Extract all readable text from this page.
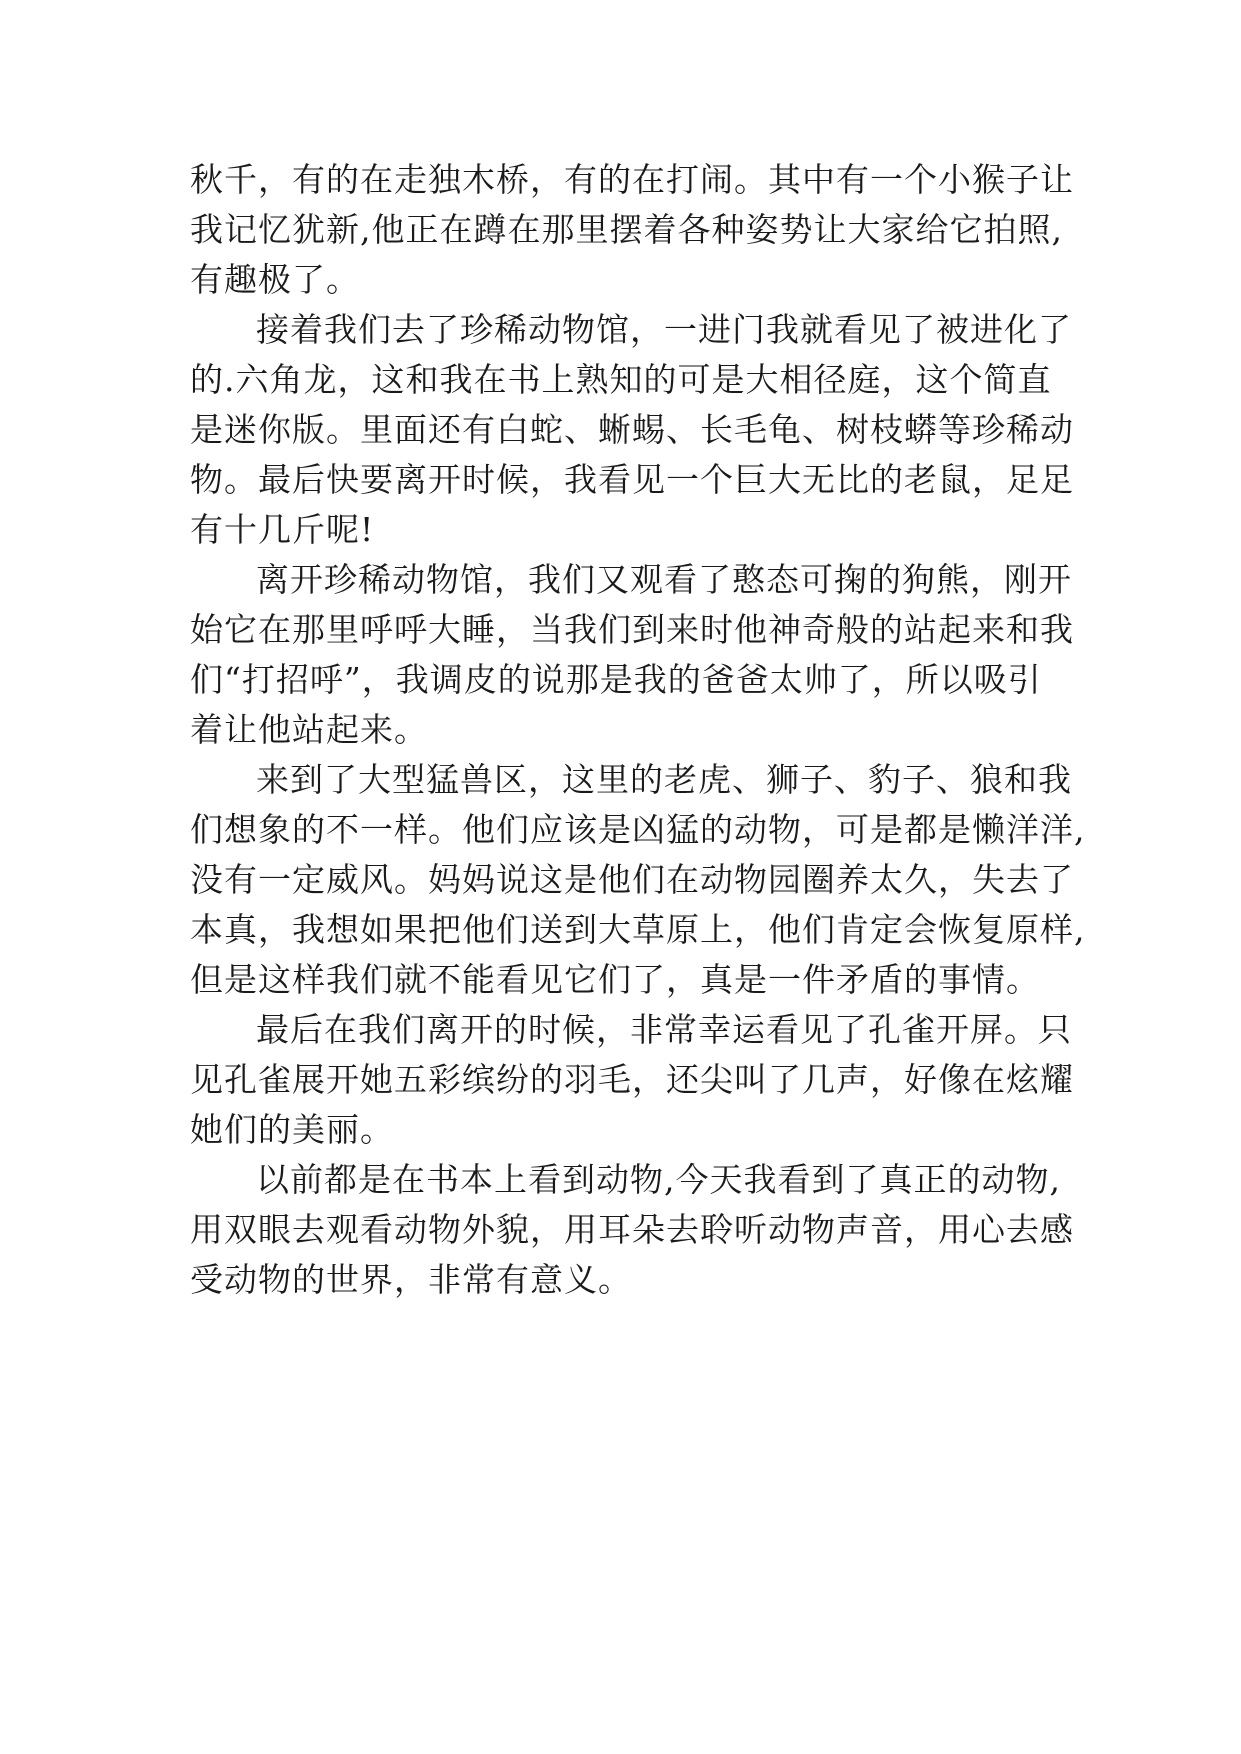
秋千，有的在走独木桥，有的在打闹。其中有一个小猴子让
我记忆犹新,他正在蹲在那里摆着各种姿势让大家给它拍照,
有趣极了。
接着我们去了珍稀动物馆，一进门我就看见了被进化了
的.六角龙，这和我在书上熟知的可是大相径庭，这个简直
是迷你版。里面还有白蛇、蜥蜴、长毛龟、树枝蟒等珍稀动
物。最后快要离开时候，我看见一个巨大无比的老鼠，足足
有十几斤呢!
离开珍稀动物馆，我们又观看了憨态可掬的狗熊，刚开
始它在那里呼呼大睡，当我们到来时他神奇般的站起来和我
们“打招呼”，我调皮的说那是我的爸爸太帅了，所以吸引
着让他站起来。
来到了大型猛兽区，这里的老虎、狮子、豹子、狼和我
们想象的不一样。他们应该是凶猛的动物，可是都是懒洋洋,
没有一定威风。妈妈说这是他们在动物园圈养太久，失去了
本真，我想如果把他们送到大草原上，他们肯定会恢复原样,
但是这样我们就不能看见它们了，真是一件矛盾的事情。
最后在我们离开的时候，非常幸运看见了孔雀开屏。只
见孔雀展开她五彩缤纷的羽毛，还尖叫了几声，好像在炫耀
她们的美丽。
以前都是在书本上看到动物,今天我看到了真正的动物,
用双眼去观看动物外貌，用耳朵去聆听动物声音，用心去感
受动物的世界，非常有意义。
